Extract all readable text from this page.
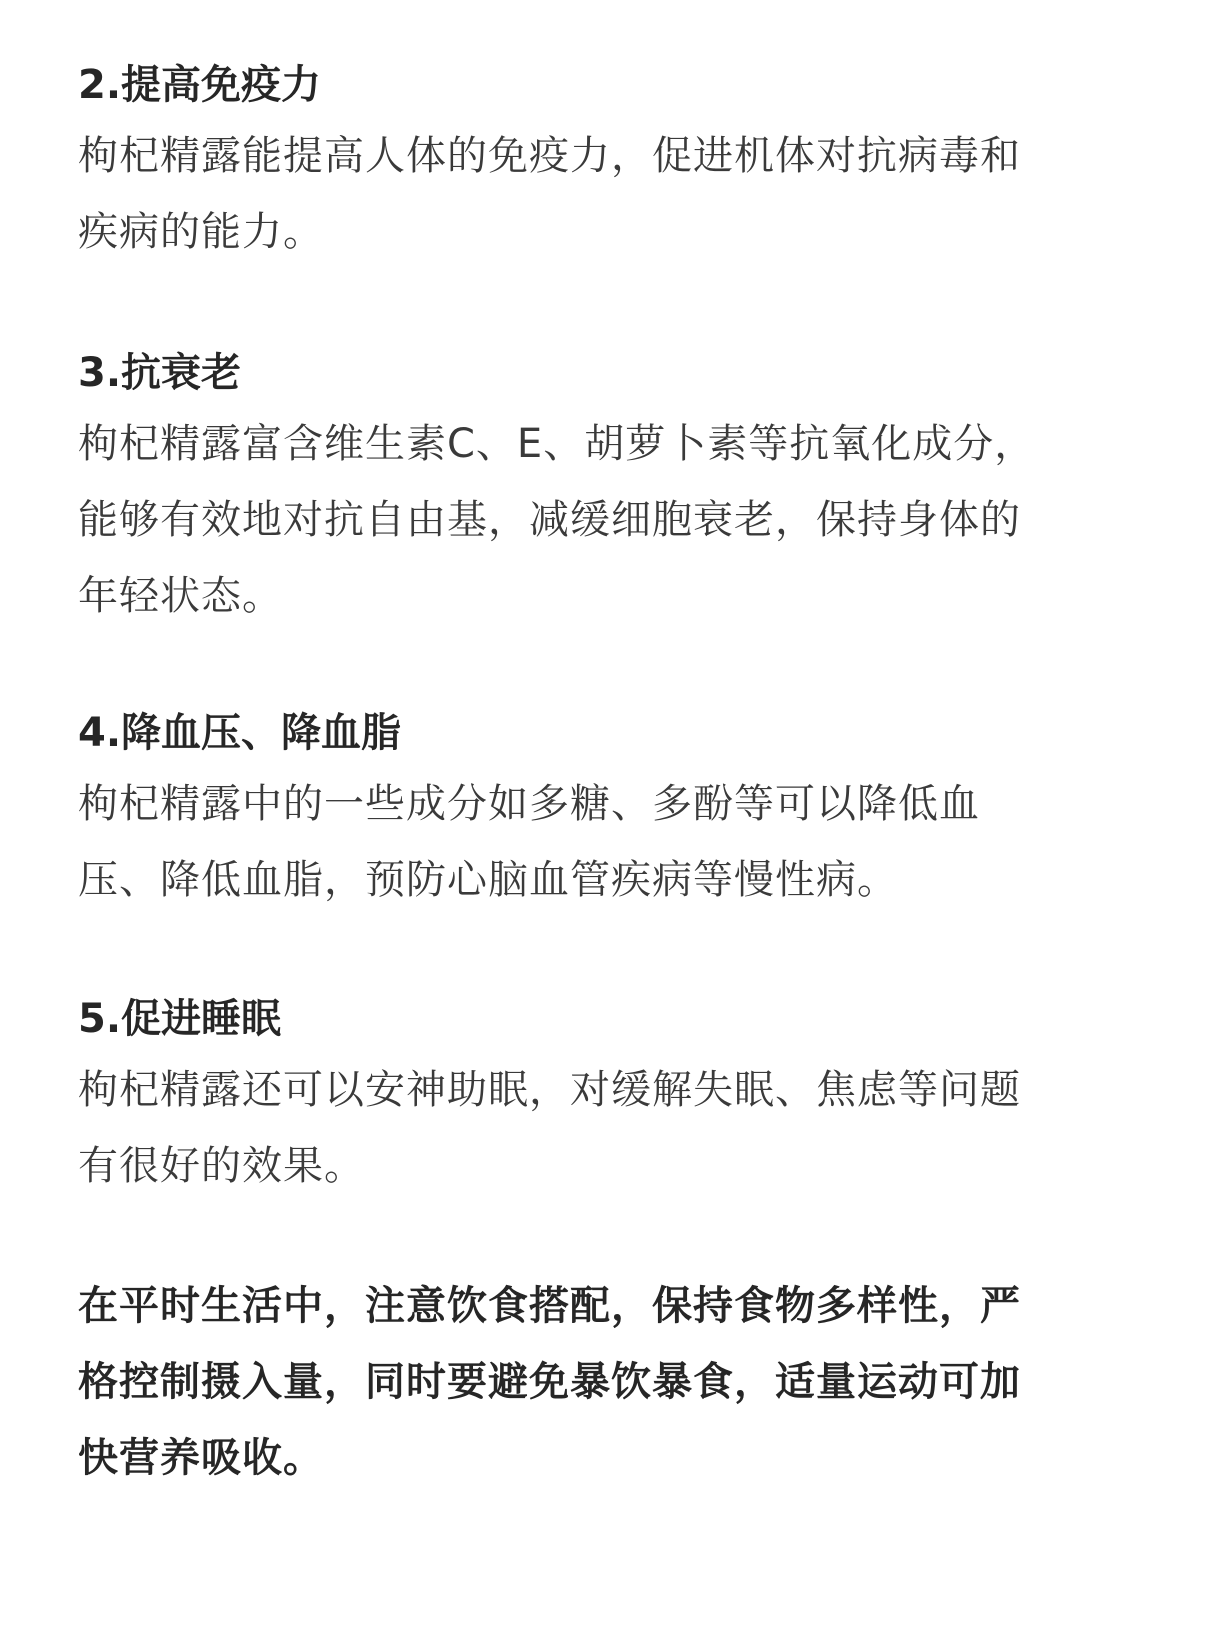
2.提高免疫力

枸杞精露能提高人体的免疫力，促进机体对抗病毒和

疾病的能力。

3.抗衰老

枸杞精露富含维生素C、E、胡萝卜素等抗氧化成分，

能够有效地对抗自由基，减缓细胞衰老，保持身体的

年轻状态。

4.降血压、降血脂

枸杞精露中的一些成分如多糖、多酚等可以降低血

压、降低血脂，预防心脑血管疾病等慢性病。

5.促进睡眠

枸杞精露还可以安神助眠，对缓解失眠、焦虑等问题

有很好的效果。

在平时生活中，注意饮食搭配，保持食物多样性，严

格控制摄入量，同时要避免暴饮暴食，适量运动可加

快营养吸收。
